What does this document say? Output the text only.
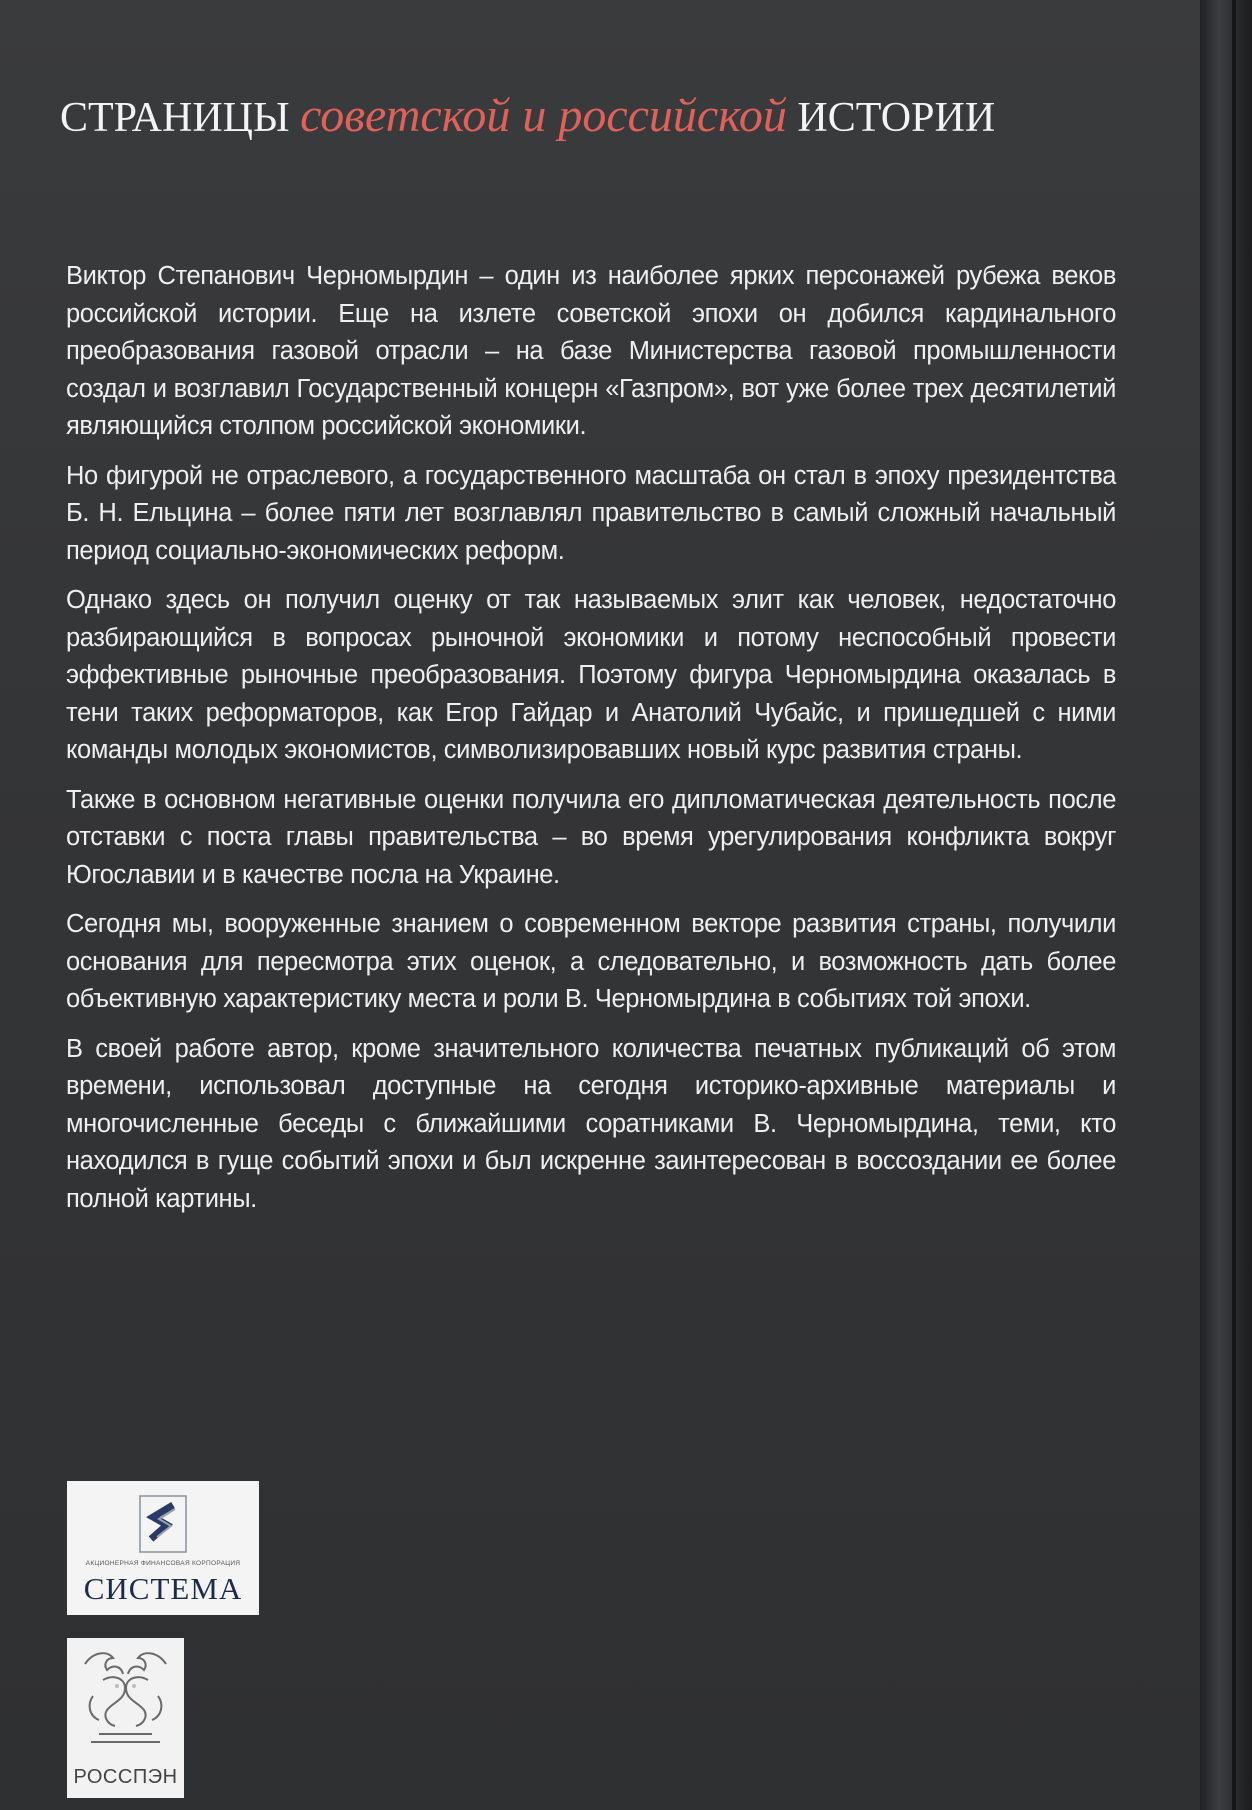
СТРАНИЦЫ советской и российской ИСТОРИИ

Виктор Степанович Черномырдин – один из наиболее ярких персонажей рубежа веков российской истории. Еще на излете советской эпохи он добился кардинального преобразования газовой отрасли – на базе Министерства газовой промышленности создал и возглавил Государственный концерн «Газпром», вот уже более трех десятилетий являющийся столпом российской экономики.

Но фигурой не отраслевого, а государственного масштаба он стал в эпоху президентства Б. Н. Ельцина – более пяти лет возглавлял правительство в самый сложный начальный период социально-экономических реформ.

Однако здесь он получил оценку от так называемых элит как человек, недостаточно разбирающийся в вопросах рыночной экономики и потому неспособный провести эффективные рыночные преобразования. Поэтому фигура Черномырдина оказалась в тени таких реформаторов, как Егор Гайдар и Анатолий Чубайс, и пришедшей с ними команды молодых экономистов, символизировавших новый курс развития страны.

Также в основном негативные оценки получила его дипломатическая деятельность после отставки с поста главы правительства – во время урегулирования конфликта вокруг Югославии и в качестве посла на Украине.

Сегодня мы, вооруженные знанием о современном векторе развития страны, получили основания для пересмотра этих оценок, а следовательно, и возможность дать более объективную характеристику места и роли В. Черномырдина в событиях той эпохи.

В своей работе автор, кроме значительного количества печатных публикаций об этом времени, использовал доступные на сегодня историко-архивные материалы и многочисленные беседы с ближайшими соратниками В. Черномырдина, теми, кто находился в гуще событий эпохи и был искренне заинтересован в воссоздании ее более полной картины.

АКЦИОНЕРНАЯ ФИНАНСОВАЯ КОРПОРАЦИЯ
СИСТЕМА
РОССПЭН
